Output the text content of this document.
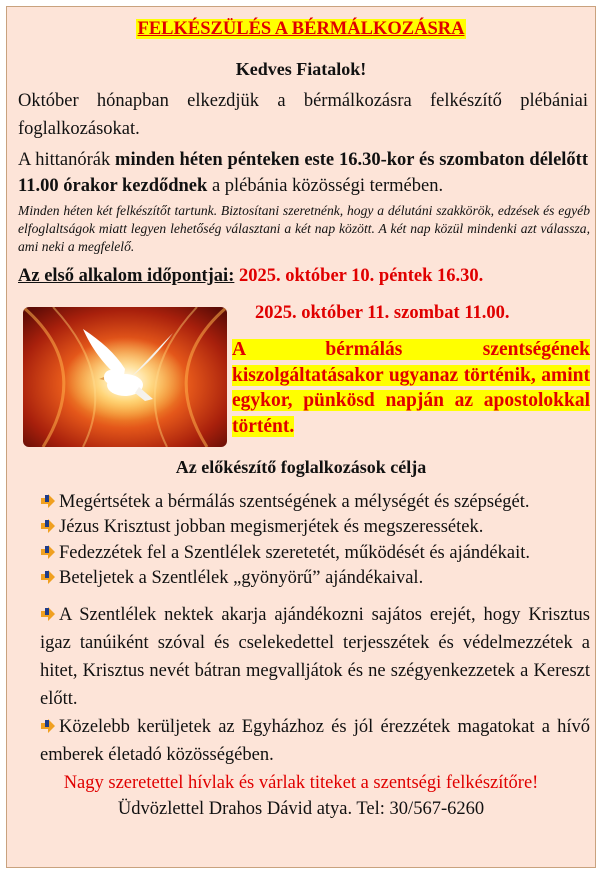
FELKÉSZÜLÉS A BÉRMÁLKOZÁSRA
Kedves Fiatalok!
Október hónapban elkezdjük a bérmálkozásra felkészítő plébániai foglalkozásokat.
A hittanórák minden héten pénteken este 16.30-kor és szombaton délelőtt 11.00 órakor kezdődnek a plébánia közösségi termében.
Minden héten két felkészítőt tartunk. Biztosítani szeretnénk, hogy a délutáni szakkörök, edzések és egyéb elfoglaltságok miatt legyen lehetőség választani a két nap között. A két nap közül mindenki azt válassza, ami neki a megfelelő.
Az első alkalom időpontjai: 2025. október 10. péntek 16.30.
2025. október 11. szombat 11.00.
A bérmálás szentségének kiszolgáltatásakor ugyanaz történik, amint egykor, pünkösd napján az apostolokkal történt.
Az előkészítő foglalkozások célja
Megértsétek a bérmálás szentségének a mélységét és szépségét.
Jézus Krisztust jobban megismerjétek és megszeressétek.
Fedezzétek fel a Szentlélek szeretetét, működését és ajándékait.
Beteljetek a Szentlélek „gyönyörű” ajándékaival.
A Szentlélek nektek akarja ajándékozni sajátos erejét, hogy Krisztus igaz tanúiként szóval és cselekedettel terjesszétek és védelmezzétek a hitet, Krisztus nevét bátran megvalljátok és ne szégyenkezzetek a Kereszt előtt.
Közelebb kerüljetek az Egyházhoz és jól érezzétek magatokat a hívő emberek életadó közösségében.
Nagy szeretettel hívlak és várlak titeket a szentségi felkészítőre!
Üdvözlettel Drahos Dávid atya. Tel: 30/567-6260
